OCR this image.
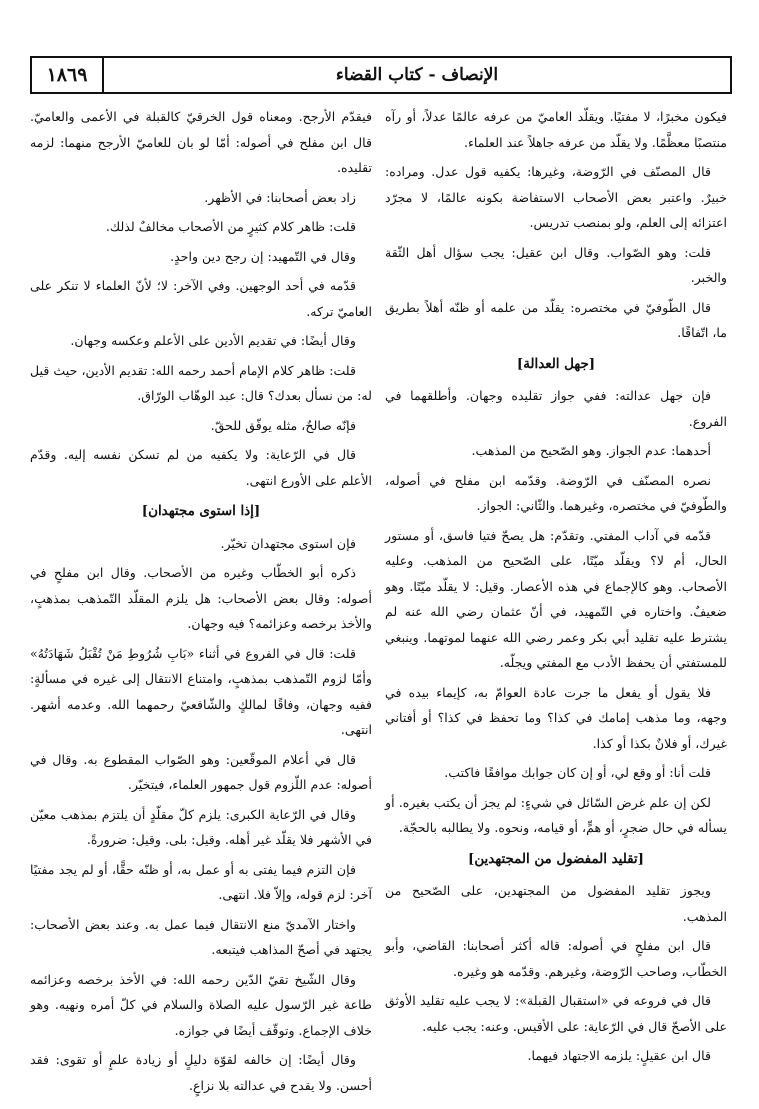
١٨٦٩	الإنصاف - كتاب القضاء

فيكون مخبرًا، لا مفتيًا. ويقلّد العاميّ من عرفه عالمًا عدلاً، أو رآه منتصبًا معظَّمًا. ولا يقلّد من عرفه جاهلاً عند العلماء.

قال المصنّف في الرّوضة، وغيرها: يكفيه قول عدل. ومراده: خبيرٌ. واعتبر بعض الأصحاب الاستفاضة بكونه عالمًا، لا مجرّد اعتزائه إلى العلم، ولو بمنصب تدريس.

قلت: وهو الصّواب. وقال ابن عقيل: يجب سؤال أهل الثّقة والخبر.

قال الطّوفيّ في مختصره: يقلّد من علمه أو ظنّه أهلاً بطريق ما، اتّفاقًا.

[جهل العدالة]

فإن جهل عدالته: ففي جواز تقليده وجهان. وأطلقهما في الفروع.

أحدهما: عدم الجواز. وهو الصّحيح من المذهب.

نصره المصنّف في الرّوضة. وقدّمه ابن مفلح في أصوله، والطّوفيّ في مختصره، وغيرهما. والثّاني: الجواز.

قدّمه في آداب المفتي. وتقدّم: هل يصحّ فتيا فاسق، أو مستور الحال، أم لا؟ ويقلّد ميّتًا، على الصّحيح من المذهب. وعليه الأصحاب. وهو كالإجماع في هذه الأعصار. وقيل: لا يقلّد ميّتًا. وهو ضعيفٌ. واختاره في التّمهيد، في أنّ عثمان رضي الله عنه لم يشترط عليه تقليد أبي بكر وعمر رضي الله عنهما لموتهما. وينبغي للمستفتي أن يحفظ الأدب مع المفتي ويجلّه.

فلا يقول أو يفعل ما جرت عادة العوامّ به، كإيماء بيده في وجهه، وما مذهب إمامك في كذا؟ وما تحفظ في كذا؟ أو أفتاني غيرك، أو فلانٌ بكذا أو كذا.

قلت أنا: أو وقع لي، أو إن كان جوابك موافقًا فاكتب.

لكن إن علم غرض السّائل في شيءٍ: لم يجز أن يكتب بغيره. أو يسأله في حال ضجرٍ، أو همٍّ، أو قيامه، ونحوه. ولا يطالبه بالحجّة.

[تقليد المفضول من المجتهدين]

ويجوز تقليد المفضول من المجتهدين، على الصّحيح من المذهب.

قال ابن مفلحٍ في أصوله: قاله أكثر أصحابنا: القاضي، وأبو الخطّاب، وصاحب الرّوضة، وغيرهم. وقدّمه هو وغيره.

قال في فروعه في «استقبال القبلة»: لا يجب عليه تقليد الأوثق على الأصحّ قال في الرّعاية: على الأقيس. وعنه: يجب عليه.

قال ابن عقيلٍ: يلزمه الاجتهاد فيهما.

فيقدّم الأرجح. ومعناه قول الخرقيّ كالقبلة في الأعمى والعاميّ. قال ابن مفلح في أصوله: أمّا لو بان للعاميّ الأرجح منهما: لزمه تقليده.

زاد بعض أصحابنا: في الأظهر.

قلت: ظاهر كلام كثيرٍ من الأصحاب مخالفٌ لذلك.

وقال في التّمهيد: إن رجح دين واحدٍ.

قدّمه في أحد الوجهين. وفي الآخر: لا؛ لأنّ العلماء لا تنكر على العاميّ تركه.

وقال أيضًا: في تقديم الأدين على الأعلم وعكسه وجهان.

قلت: ظاهر كلام الإمام أحمد رحمه الله: تقديم الأدين، حيث قيل له: من نسأل بعدك؟ قال: عبد الوهّاب الورّاق.

فإنّه صالحٌ، مثله يوفّق للحقّ.

قال في الرّعاية: ولا يكفيه من لم تسكن نفسه إليه. وقدّم الأعلم على الأورع انتهى.

[إذا استوى مجتهدان]

فإن استوى مجتهدان تخيّر.

ذكره أبو الخطّاب وغيره من الأصحاب. وقال ابن مفلحٍ في أصوله: وقال بعض الأصحاب: هل يلزم المقلّد التّمذهب بمذهبٍ، والأخذ برخصه وعزائمه؟ فيه وجهان.

قلت: قال في الفروع في أثناء «بَابِ شُرُوطِ مَنْ تُقْبَلُ شَهَادَتُهُ» وأمّا لزوم التّمذهب بمذهبٍ، وامتناع الانتقال إلى غيره في مسألةٍ: ففيه وجهان، وفاقًا لمالكٍ والشّافعيّ رحمهما الله. وعدمه أشهر. انتهى.

قال في أعلام الموقّعين: وهو الصّواب المقطوع به. وقال في أصوله: عدم اللّزوم قول جمهور العلماء، فيتخيّر.

وقال في الرّعاية الكبرى: يلزم كلّ مقلّدٍ أن يلتزم بمذهب معيّن في الأشهر فلا يقلّد غير أهله. وقيل: بلى. وقيل: ضرورةً.

فإن التزم فيما يفتى به أو عمل به، أو ظنّه حقًّا، أو لم يجد مفتيًا آخر: لزم قوله، وإلاّ فلا. انتهى.

واختار الآمديّ منع الانتقال فيما عمل به. وعند بعض الأصحاب: يجتهد في أصحّ المذاهب فيتبعه.

وقال الشّيخ تقيّ الدّين رحمه الله: في الأخذ برخصه وعزائمه طاعة غير الرّسول عليه الصلاة والسلام في كلّ أمره ونهيه. وهو خلاف الإجماع. وتوقّف أيضًا في جوازه.

وقال أيضًا: إن خالفه لقوّة دليلٍ أو زيادة علمٍ أو تقوى: فقد أحسن. ولا يقدح في عدالته بلا نزاعٍ.
